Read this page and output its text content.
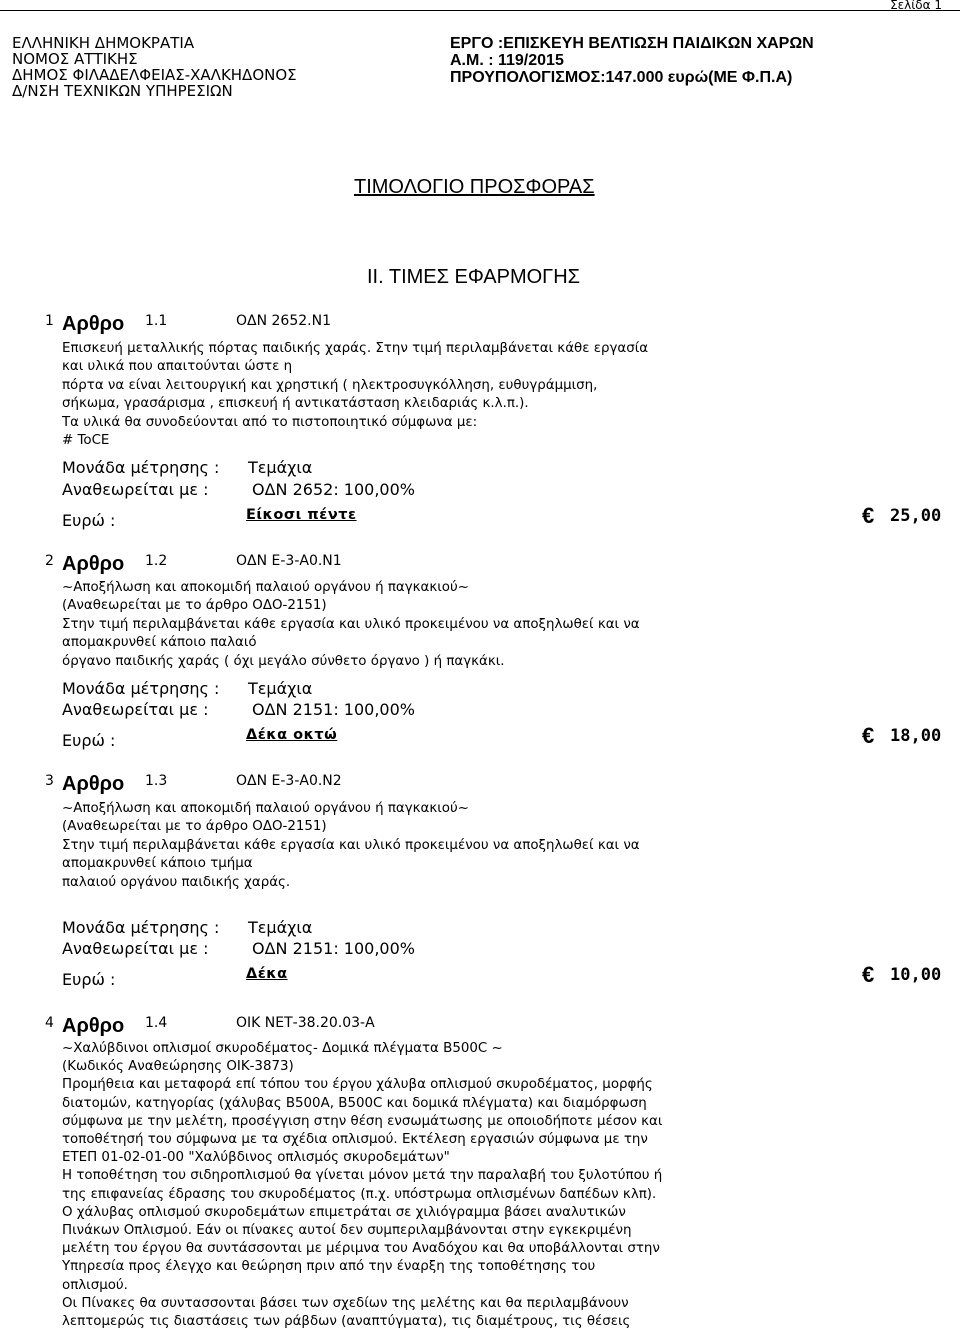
Σελίδα 1
ΕΛΛΗΝΙΚΗ ΔΗΜΟΚΡΑΤΙΑ
ΝΟΜΟΣ ΑΤΤΙΚΗΣ
ΔΗΜΟΣ ΦΙΛΑΔΕΛΦΕΙΑΣ-ΧΑΛΚΗΔΟΝΟΣ
Δ/ΝΣΗ ΤΕΧΝΙΚΩΝ ΥΠΗΡΕΣΙΩΝ
ΕΡΓΟ :ΕΠΙΣΚΕΥΗ ΒΕΛΤΙΩΣΗ ΠΑΙΔΙΚΩΝ ΧΑΡΩΝ
Α.Μ. : 119/2015
ΠΡΟΥΠΟΛΟΓΙΣΜΟΣ:147.000 ευρώ(ΜΕ Φ.Π.Α)
ΤΙΜΟΛΟΓΙΟ ΠΡΟΣΦΟΡΑΣ
ΙΙ. ΤΙΜΕΣ ΕΦΑΡΜΟΓΗΣ
1 Αρθρο 1.1	ΟΔΝ 2652.Ν1
Επισκευή μεταλλικής πόρτας παιδικής χαράς. Στην τιμή περιλαμβάνεται κάθε εργασία
και υλικά που απαιτούνται ώστε η
πόρτα να είναι λειτουργική και χρηστική ( ηλεκτροσυγκόλληση, ευθυγράμμιση,
σήκωμα, γρασάρισμα , επισκευή ή αντικατάσταση κλειδαριάς κ.λ.π.).
Τα υλικά θα συνοδεύονται από το πιστοποιητικό σύμφωνα με:
# ToCE
Μονάδα μέτρησης : Τεμάχια
Αναθεωρείται με :	ΟΔΝ 2652: 100,00%
Ευρώ :	Είκοσι πέντε	€ 25,00
2 Αρθρο 1.2	ΟΔΝ Ε-3-Α0.Ν1
~Αποξήλωση και αποκομιδή παλαιού οργάνου ή παγκακιού~
(Αναθεωρείται με το άρθρο ΟΔΟ-2151)
Στην τιμή περιλαμβάνεται κάθε εργασία και υλικό προκειμένου να αποξηλωθεί και να
απομακρυνθεί κάποιο παλαιό
όργανο παιδικής χαράς ( όχι μεγάλο σύνθετο όργανο ) ή παγκάκι.
Μονάδα μέτρησης : Τεμάχια
Αναθεωρείται με :	ΟΔΝ 2151: 100,00%
Ευρώ :	Δέκα οκτώ	€ 18,00
3 Αρθρο 1.3	ΟΔΝ Ε-3-Α0.Ν2
~Αποξήλωση και αποκομιδή παλαιού οργάνου ή παγκακιού~
(Αναθεωρείται με το άρθρο ΟΔΟ-2151)
Στην τιμή περιλαμβάνεται κάθε εργασία και υλικό προκειμένου να αποξηλωθεί και να
απομακρυνθεί κάποιο τμήμα
παλαιού οργάνου παιδικής χαράς.
Μονάδα μέτρησης : Τεμάχια
Αναθεωρείται με :	ΟΔΝ 2151: 100,00%
Ευρώ :	Δέκα	€ 10,00
4 Αρθρο 1.4	ΟΙΚ ΝΕΤ-38.20.03-Α
~Χαλύβδινοι οπλισμοί σκυροδέματος- Δομικά πλέγματα Β500C ~
(Κωδικός Αναθεώρησης ΟΙΚ-3873)
Προμήθεια και μεταφορά επί τόπου του έργου χάλυβα οπλισμού σκυροδέματος, μορφής
διατομών, κατηγορίας (χάλυβας Β500Α, Β500C και δομικά πλέγματα) και διαμόρφωση
σύμφωνα με την μελέτη, προσέγγιση στην θέση ενσωμάτωσης με οποιοδήποτε μέσον και
τοποθέτησή του σύμφωνα με τα σχέδια οπλισμού. Εκτέλεση εργασιών σύμφωνα με την
ΕΤΕΠ 01-02-01-00 "Χαλύβδινος οπλισμός σκυροδεμάτων"
Η τοποθέτηση του σιδηροπλισμού θα γίνεται μόνον μετά την παραλαβή του ξυλοτύπου ή
της επιφανείας έδρασης του σκυροδέματος (π.χ. υπόστρωμα οπλισμένων δαπέδων κλπ).
Ο χάλυβας οπλισμού σκυροδεμάτων επιμετράται σε χιλιόγραμμα βάσει αναλυτικών
Πινάκων Οπλισμού. Εάν οι πίνακες αυτοί δεν συμπεριλαμβάνονται στην εγκεκριμένη
μελέτη του έργου θα συντάσσονται με μέριμνα του Αναδόχου και θα υποβάλλονται στην
Υπηρεσία προς έλεγχο και θεώρηση πριν από την έναρξη της τοποθέτησης του
οπλισμού.
Οι Πίνακες θα συντασσονται βάσει των σχεδίων της μελέτης και θα περιλαμβάνουν
λεπτομερώς τις διαστάσεις των ράβδων (αναπτύγματα), τις διαμέτρους, τις θέσεις
